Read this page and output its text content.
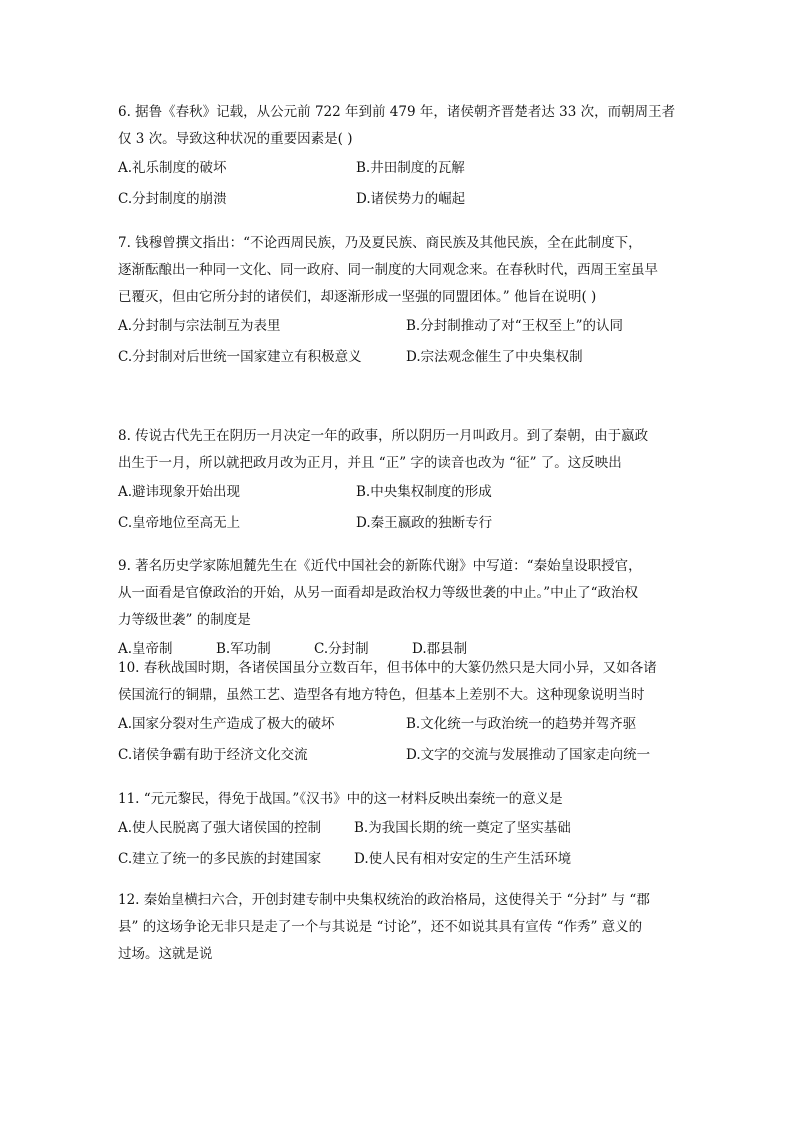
6. 据鲁《春秋》记载，从公元前 722 年到前 479 年，诸侯朝齐晋楚者达 33 次，而朝周王者
仅 3 次。导致这种状况的重要因素是( )
A.礼乐制度的破坏	B.井田制度的瓦解
C.分封制度的崩溃	D.诸侯势力的崛起
7. 钱穆曾撰文指出：“不论西周民族，乃及夏民族、商民族及其他民族，全在此制度下，
逐渐酝酿出一种同一文化、同一政府、同一制度的大同观念来。在春秋时代，西周王室虽早
已覆灭，但由它所分封的诸侯们，却逐渐形成一坚强的同盟团体。” 他旨在说明( )
A.分封制与宗法制互为表里	B.分封制推动了对“王权至上”的认同
C.分封制对后世统一国家建立有积极意义	D.宗法观念催生了中央集权制
8. 传说古代先王在阴历一月决定一年的政事，所以阴历一月叫政月。到了秦朝，由于嬴政
出生于一月，所以就把政月改为正月，并且 “正” 字的读音也改为 “征” 了。这反映出
A.避讳现象开始出现	B.中央集权制度的形成
C.皇帝地位至高无上	D.秦王嬴政的独断专行
9. 著名历史学家陈旭麓先生在《近代中国社会的新陈代谢》中写道：“秦始皇设职授官，
从一面看是官僚政治的开始，从另一面看却是政治权力等级世袭的中止。”中止了“政治权
力等级世袭” 的制度是
A.皇帝制	B.军功制	C.分封制	D.郡县制
10. 春秋战国时期，各诸侯国虽分立数百年，但书体中的大篆仍然只是大同小异，又如各诸
侯国流行的铜鼎，虽然工艺、造型各有地方特色，但基本上差别不大。这种现象说明当时
A.国家分裂对生产造成了极大的破坏	B.文化统一与政治统一的趋势并驾齐驱
C.诸侯争霸有助于经济文化交流	D.文字的交流与发展推动了国家走向统一
11. “元元黎民，得免于战国。”《汉书》中的这一材料反映出秦统一的意义是
A.使人民脱离了强大诸侯国的控制 B.为我国长期的统一奠定了坚实基础
C.建立了统一的多民族的封建国家 D.使人民有相对安定的生产生活环境
12. 秦始皇横扫六合，开创封建专制中央集权统治的政治格局，这使得关于 “分封” 与 “郡
县” 的这场争论无非只是走了一个与其说是 “讨论”，还不如说其具有宣传 “作秀” 意义的
过场。这就是说
